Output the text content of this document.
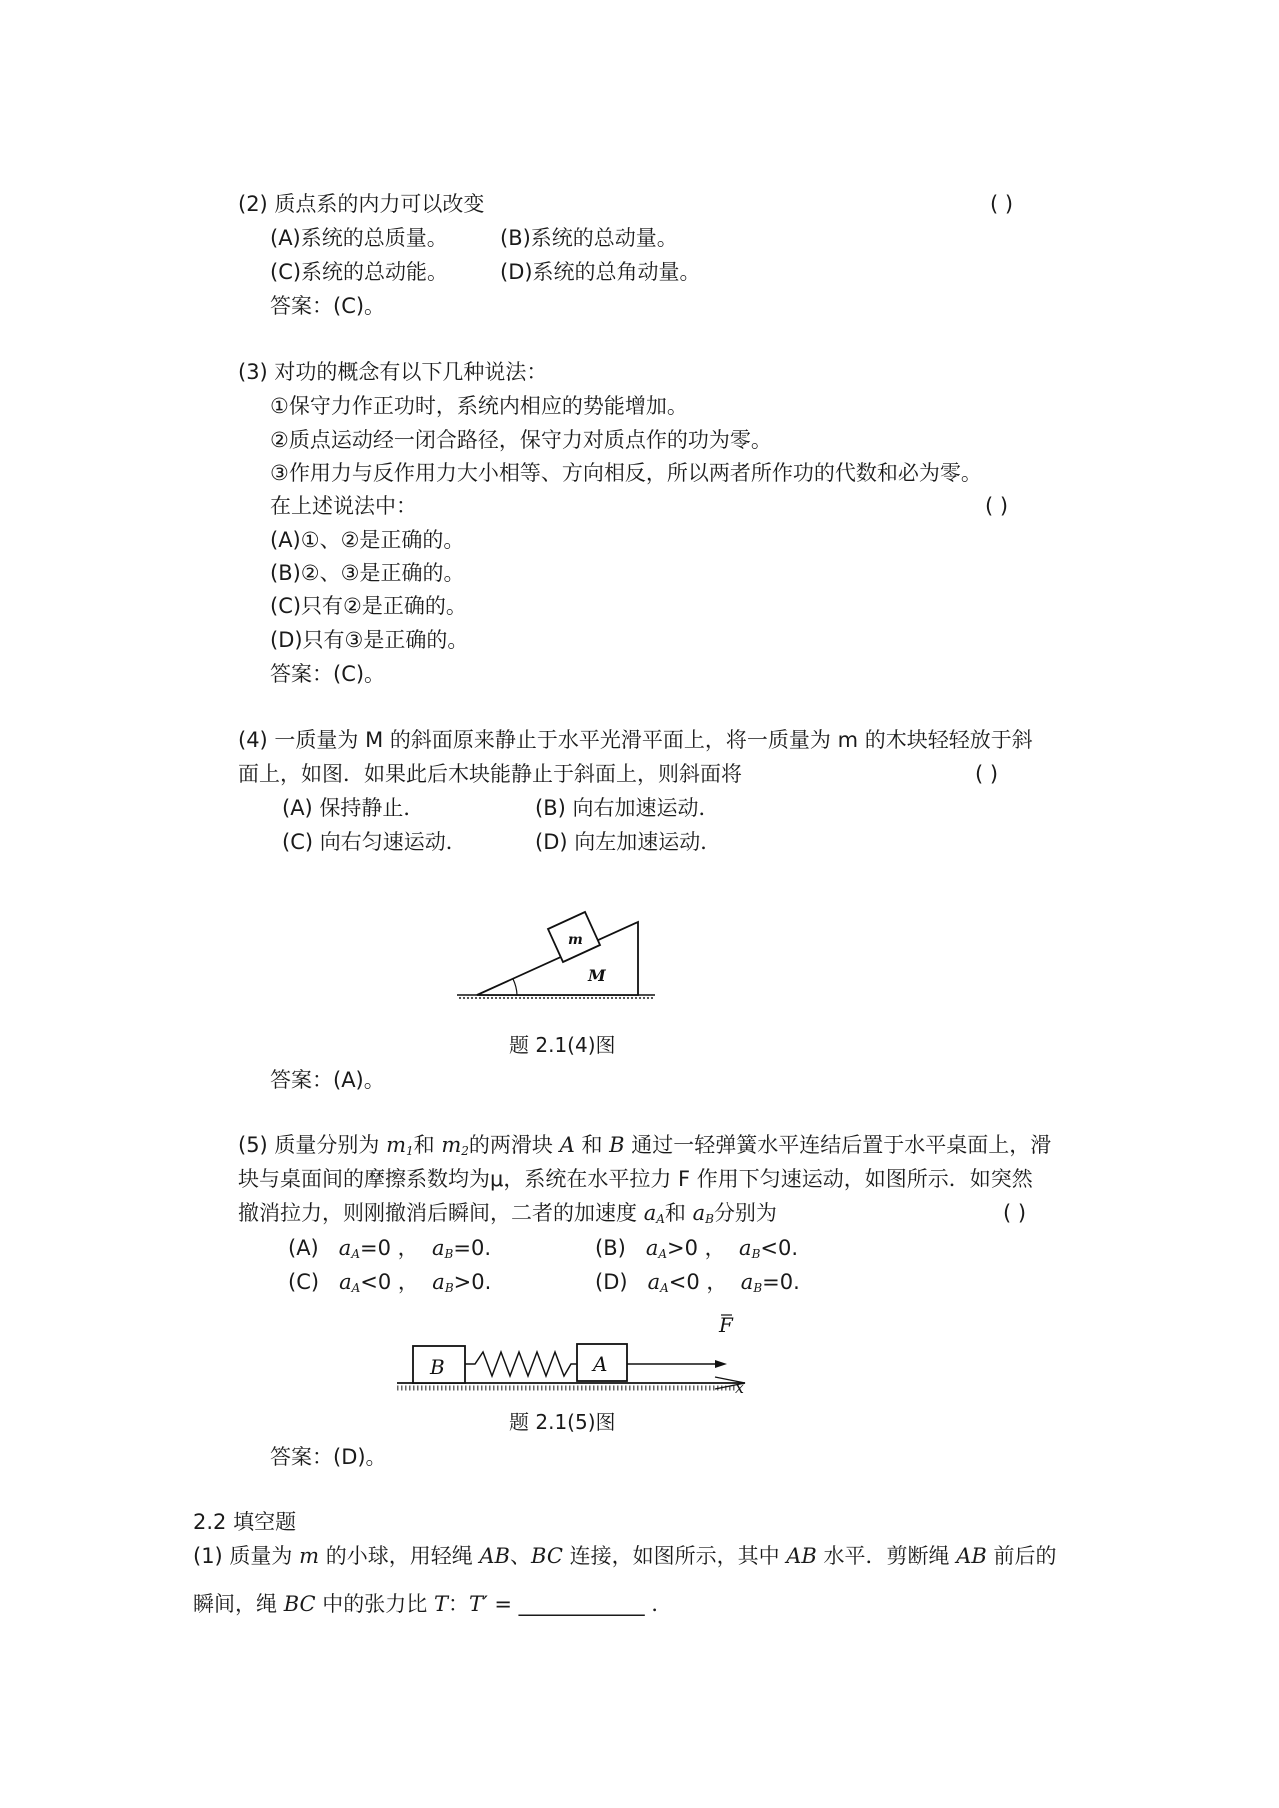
(2) 质点系的内力可以改变	( )
(A)系统的总质量。 (B)系统的总动量。
(C)系统的总动能。 (D)系统的总角动量。
答案：(C)。
(3) 对功的概念有以下几种说法：
①保守力作正功时，系统内相应的势能增加。
②质点运动经一闭合路径，保守力对质点作的功为零。
③作用力与反作用力大小相等、方向相反，所以两者所作功的代数和必为零。
在上述说法中：	( )
(A)①、②是正确的。
(B)②、③是正确的。
(C)只有②是正确的。
(D)只有③是正确的。
答案：(C)。
(4) 一质量为 M 的斜面原来静止于水平光滑平面上，将一质量为 m 的木块轻轻放于斜
面上，如图．如果此后木块能静止于斜面上，则斜面将	( )
(A) 保持静止．	(B) 向右加速运动．
(C) 向右匀速运动．	(D) 向左加速运动．
m
M
题 2.1(4)图
答案：(A)。
(5) 质量分别为 $m_1$和 $m_2$的两滑块 A 和 B 通过一轻弹簧水平连结后置于水平桌面上，滑
块与桌面间的摩擦系数均为μ，系统在水平拉力 F 作用下匀速运动，如图所示．如突然
撤消拉力，则刚撤消后瞬间，二者的加速度 $a_A$和 $a_B$分别为	( )
(A) $a_A=0$ ， $a_B=0$.	(B) $a_A>0$ ， $a_B<0$.
(C) $a_A<0$ ， $a_B>0$.	(D) $a_A<0$ ， $a_B=0$.
x
B	A
F
题 2.1(5)图
答案：(D)。
2.2 填空题
(1) 质量为 m 的小球，用轻绳 AB、BC 连接，如图所示，其中 AB 水平．剪断绳 AB 前后的
瞬间，绳 BC 中的张力比 T：T′ = ____________ ．
